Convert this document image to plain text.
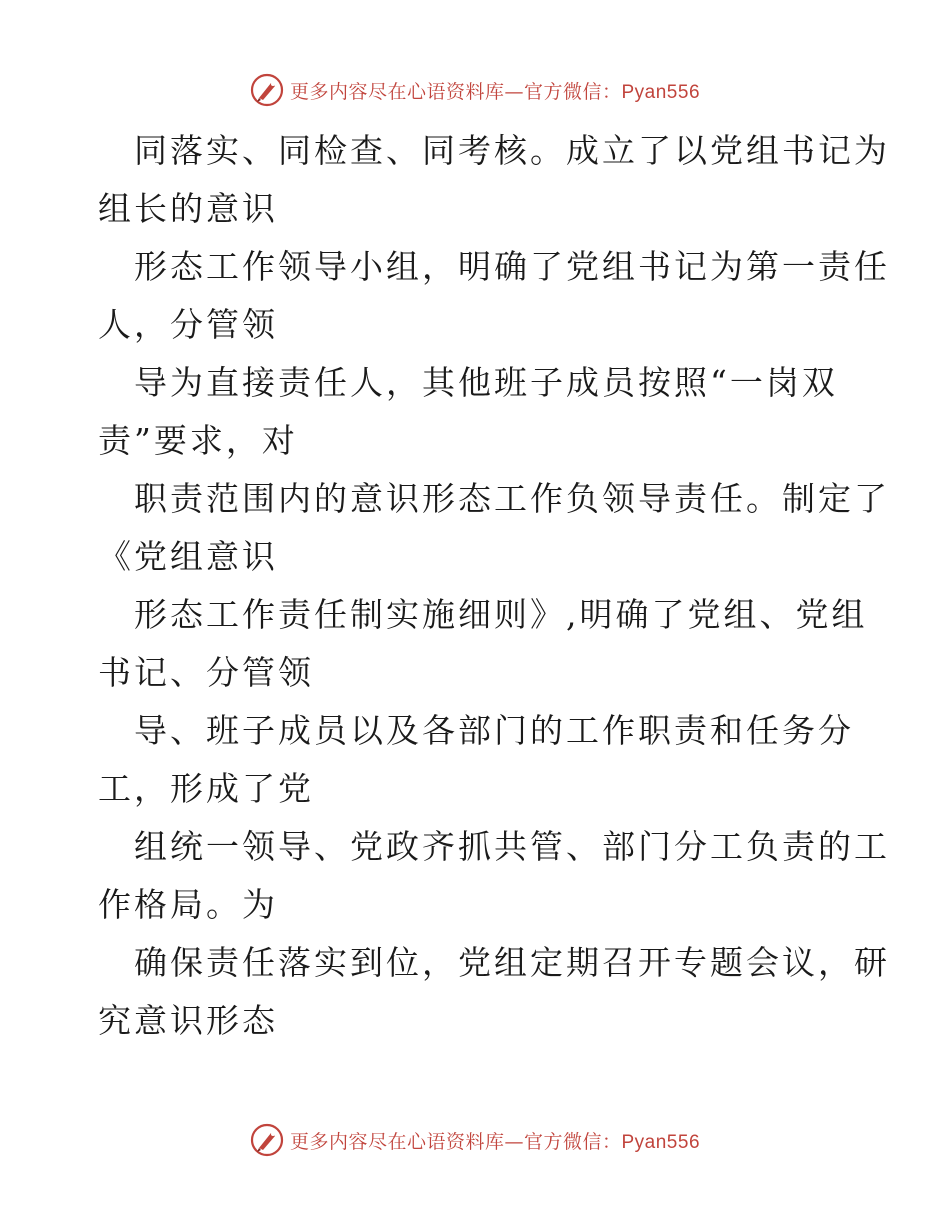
更多内容尽在心语资料库—官方微信：Pyan556
同落实、同检查、同考核。成立了以党组书记为
组长的意识
形态工作领导小组，明确了党组书记为第一责任
人，分管领
导为直接责任人，其他班子成员按照“一岗双
责”要求，对
职责范围内的意识形态工作负领导责任。制定了
《党组意识
形态工作责任制实施细则》,明确了党组、党组
书记、分管领
导、班子成员以及各部门的工作职责和任务分
工，形成了党
组统一领导、党政齐抓共管、部门分工负责的工
作格局。为
确保责任落实到位，党组定期召开专题会议，研
究意识形态
更多内容尽在心语资料库—官方微信：Pyan556
